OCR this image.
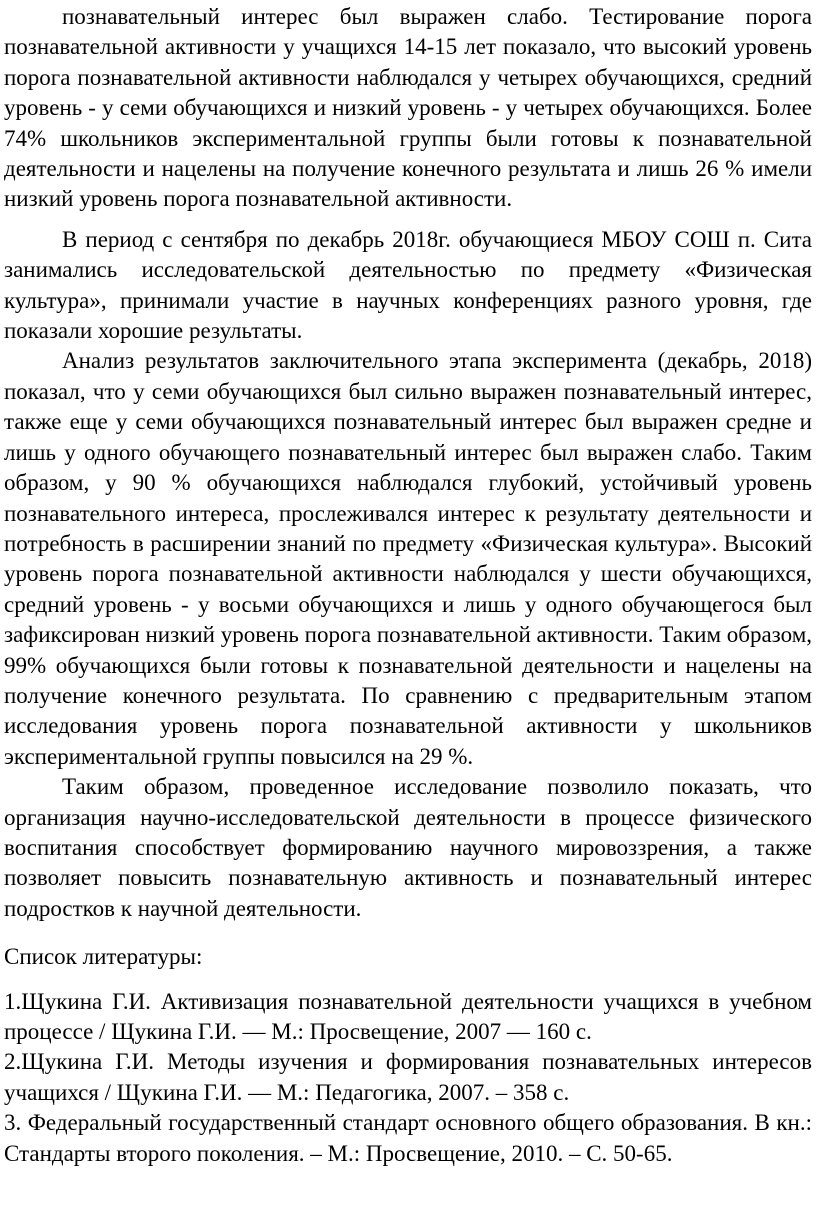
познавательный интерес был выражен слабо. Тестирование порога познавательной активности у учащихся 14-15 лет показало, что высокий уровень порога познавательной активности наблюдался у четырех обучающихся, средний уровень - у семи обучающихся и низкий уровень - у четырех обучающихся. Более 74% школьников экспериментальной группы были готовы к познавательной деятельности и нацелены на получение конечного результата и лишь 26 % имели низкий уровень порога познавательной активности.

В период с сентября по декабрь 2018г. обучающиеся МБОУ СОШ п. Сита занимались исследовательской деятельностью по предмету «Физическая культура», принимали участие в научных конференциях разного уровня, где показали хорошие результаты.

Анализ результатов заключительного этапа эксперимента (декабрь, 2018) показал, что у семи обучающихся был сильно выражен познавательный интерес, также еще у семи обучающихся познавательный интерес был выражен средне и лишь у одного обучающего познавательный интерес был выражен слабо. Таким образом, у 90 % обучающихся наблюдался глубокий, устойчивый уровень познавательного интереса, прослеживался интерес к результату деятельности и потребность в расширении знаний по предмету «Физическая культура». Высокий уровень порога познавательной активности наблюдался у шести обучающихся, средний уровень - у восьми обучающихся и лишь у одного обучающегося был зафиксирован низкий уровень порога познавательной активности. Таким образом, 99% обучающихся были готовы к познавательной деятельности и нацелены на получение конечного результата. По сравнению с предварительным этапом исследования уровень порога познавательной активности у школьников экспериментальной группы повысился на 29 %.

Таким образом, проведенное исследование позволило показать, что организация научно-исследовательской деятельности в процессе физического воспитания способствует формированию научного мировоззрения, а также позволяет повысить познавательную активность и познавательный интерес подростков к научной деятельности.

Список литературы:

1.Щукина Г.И. Активизация познавательной деятельности учащихся в учебном процессе / Щукина Г.И. — М.: Просвещение, 2007 — 160 с.

2.Щукина Г.И. Методы изучения и формирования познавательных интересов учащихся / Щукина Г.И. — М.: Педагогика, 2007. – 358 с.

3. Федеральный государственный стандарт основного общего образования. В кн.: Стандарты второго поколения. – М.: Просвещение, 2010. – С. 50-65.
